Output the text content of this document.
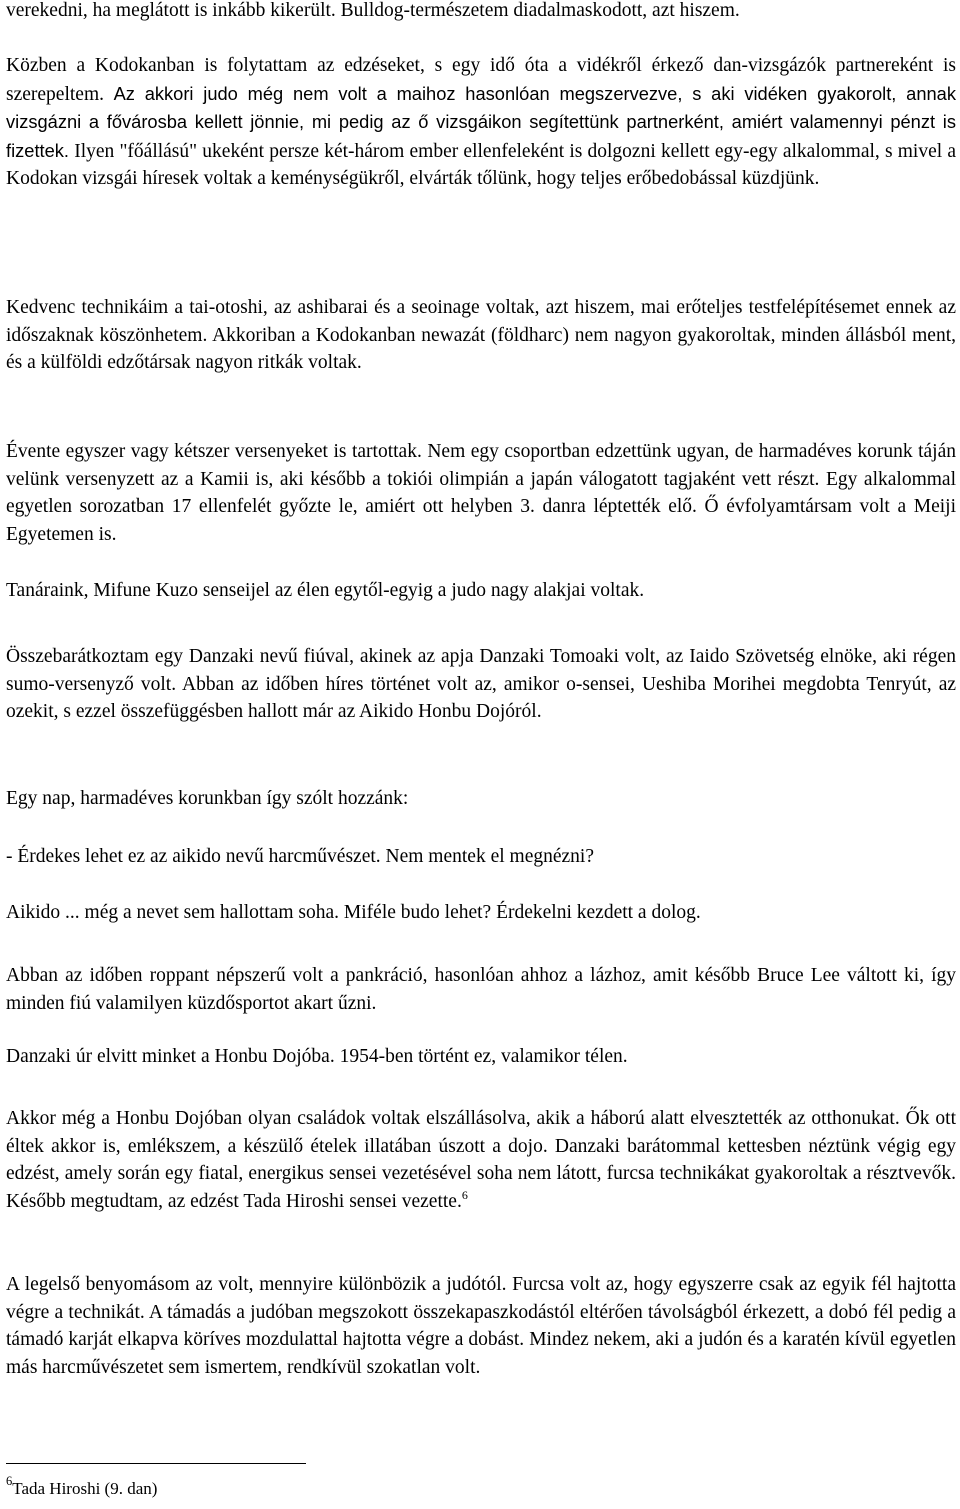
verekedni, ha meglátott is inkább kikerült. Bulldog-természetem diadalmaskodott, azt hiszem.

Közben a Kodokanban is folytattam az edzéseket, s egy idő óta a vidékről érkező dan-vizsgázók partnereként is szerepeltem. Az akkori judo még nem volt a maihoz hasonlóan megszervezve, s aki vidéken gyakorolt, annak vizsgázni a fővárosba kellett jönnie, mi pedig az ő vizsgáikon segítettünk partnerként, amiért valamennyi pénzt is fizettek. Ilyen "főállású" ukeként persze két-három ember ellenfeleként is dolgozni kellett egy-egy alkalommal, s mivel a Kodokan vizsgái híresek voltak a keménységükről, elvárták tőlünk, hogy teljes erőbedobással küzdjünk.

Kedvenc technikáim a tai-otoshi, az ashibarai és a seoinage voltak, azt hiszem, mai erőteljes testfelépítésemet ennek az időszaknak köszönhetem. Akkoriban a Kodokanban newazát (földharc) nem nagyon gyakoroltak, minden állásból ment, és a külföldi edzőtársak nagyon ritkák voltak.

Évente egyszer vagy kétszer versenyeket is tartottak. Nem egy csoportban edzettünk ugyan, de harmadéves korunk táján velünk versenyzett az a Kamii is, aki később a tokiói olimpián a japán válogatott tagjaként vett részt. Egy alkalommal egyetlen sorozatban 17 ellenfelét győzte le, amiért ott helyben 3. danra léptették elő. Ő évfolyamtársam volt a Meiji Egyetemen is.

Tanáraink, Mifune Kuzo senseijel az élen egytől-egyig a judo nagy alakjai voltak.

Összebarátkoztam egy Danzaki nevű fiúval, akinek az apja Danzaki Tomoaki volt, az Iaido Szövetség elnöke, aki régen sumo-versenyző volt. Abban az időben híres történet volt az, amikor o-sensei, Ueshiba Morihei megdobta Tenryút, az ozekit, s ezzel összefüggésben hallott már az Aikido Honbu Dojóról.

Egy nap, harmadéves korunkban így szólt hozzánk:

- Érdekes lehet ez az aikido nevű harcművészet. Nem mentek el megnézni?

Aikido ... még a nevet sem hallottam soha. Miféle budo lehet? Érdekelni kezdett a dolog.

Abban az időben roppant népszerű volt a pankráció, hasonlóan ahhoz a lázhoz, amit később Bruce Lee váltott ki, így minden fiú valamilyen küzdősportot akart űzni.

Danzaki úr elvitt minket a Honbu Dojóba. 1954-ben történt ez, valamikor télen.

Akkor még a Honbu Dojóban olyan családok voltak elszállásolva, akik a háború alatt elvesztették az otthonukat. Ők ott éltek akkor is, emlékszem, a készülő ételek illatában úszott a dojo. Danzaki barátommal kettesben néztünk végig egy edzést, amely során egy fiatal, energikus sensei vezetésével soha nem látott, furcsa technikákat gyakoroltak a résztvevők. Később megtudtam, az edzést Tada Hiroshi sensei vezette.$^6$

A legelső benyomásom az volt, mennyire különbözik a judótól. Furcsa volt az, hogy egyszerre csak az egyik fél hajtotta végre a technikát. A támadás a judóban megszokott összekapaszkodástól eltérően távolságból érkezett, a dobó fél pedig a támadó karját elkapva köríves mozdulattal hajtotta végre a dobást. Mindez nekem, aki a judón és a karatén kívül egyetlen más harcművészetet sem ismertem, rendkívül szokatlan volt.

$^6$Tada Hiroshi (9. dan)
